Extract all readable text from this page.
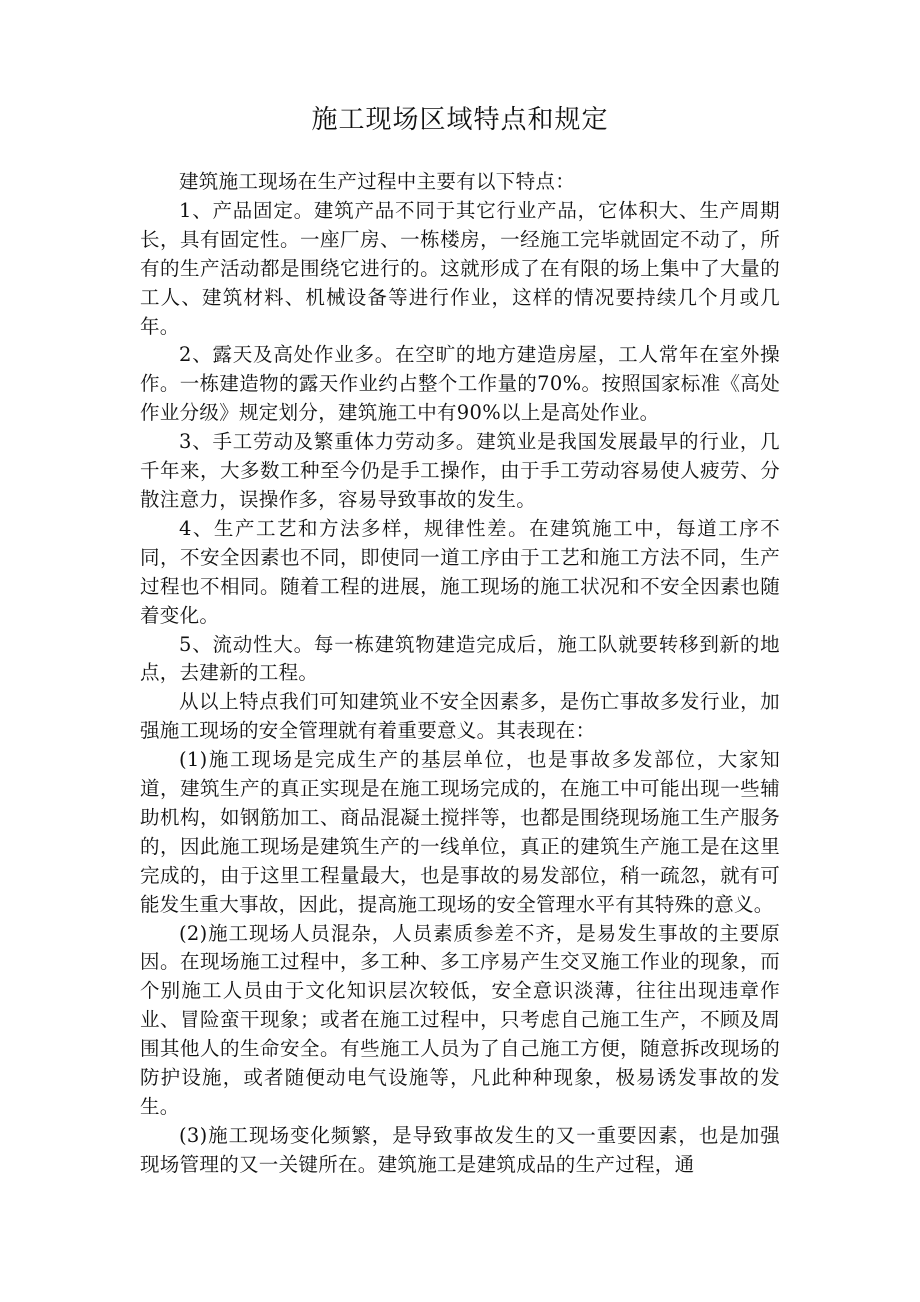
施工现场区域特点和规定

建筑施工现场在生产过程中主要有以下特点：

1、产品固定。建筑产品不同于其它行业产品，它体积大、生产周期长，具有固定性。一座厂房、一栋楼房，一经施工完毕就固定不动了，所有的生产活动都是围绕它进行的。这就形成了在有限的场上集中了大量的工人、建筑材料、机械设备等进行作业，这样的情况要持续几个月或几年。

2、露天及高处作业多。在空旷的地方建造房屋，工人常年在室外操作。一栋建造物的露天作业约占整个工作量的70%。按照国家标准《高处作业分级》规定划分，建筑施工中有90%以上是高处作业。

3、手工劳动及繁重体力劳动多。建筑业是我国发展最早的行业，几千年来，大多数工种至今仍是手工操作，由于手工劳动容易使人疲劳、分散注意力，误操作多，容易导致事故的发生。

4、生产工艺和方法多样，规律性差。在建筑施工中，每道工序不同，不安全因素也不同，即使同一道工序由于工艺和施工方法不同，生产过程也不相同。随着工程的进展，施工现场的施工状况和不安全因素也随着变化。

5、流动性大。每一栋建筑物建造完成后，施工队就要转移到新的地点，去建新的工程。

从以上特点我们可知建筑业不安全因素多，是伤亡事故多发行业，加强施工现场的安全管理就有着重要意义。其表现在：

(1)施工现场是完成生产的基层单位，也是事故多发部位，大家知道，建筑生产的真正实现是在施工现场完成的，在施工中可能出现一些辅助机构，如钢筋加工、商品混凝土搅拌等，也都是围绕现场施工生产服务的，因此施工现场是建筑生产的一线单位，真正的建筑生产施工是在这里完成的，由于这里工程量最大，也是事故的易发部位，稍一疏忽，就有可能发生重大事故，因此，提高施工现场的安全管理水平有其特殊的意义。

(2)施工现场人员混杂，人员素质参差不齐，是易发生事故的主要原因。在现场施工过程中，多工种、多工序易产生交叉施工作业的现象，而个别施工人员由于文化知识层次较低，安全意识淡薄，往往出现违章作业、冒险蛮干现象；或者在施工过程中，只考虑自己施工生产，不顾及周围其他人的生命安全。有些施工人员为了自己施工方便，随意拆改现场的防护设施，或者随便动电气设施等，凡此种种现象，极易诱发事故的发生。

(3)施工现场变化频繁，是导致事故发生的又一重要因素，也是加强现场管理的又一关键所在。建筑施工是建筑成品的生产过程，通
